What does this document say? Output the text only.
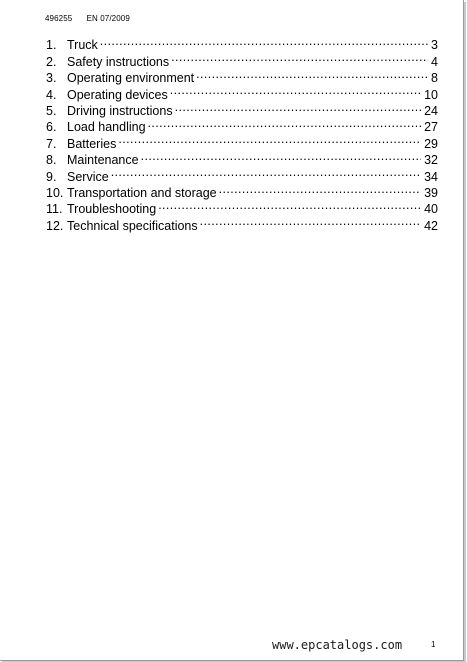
496255 EN 07/2009
1. Truck .....	3
2. Safety instructions .....	4
3. Operating environment .....	8
4. Operating devices .....	10
5. Driving instructions .....	24
6. Load handling .....	27
7. Batteries .....	29
8. Maintenance .....	32
9. Service .....	34
10. Transportation and storage .....	39
11. Troubleshooting .....	40
12. Technical specifications .....	42
www.epcatalogs.com	1
